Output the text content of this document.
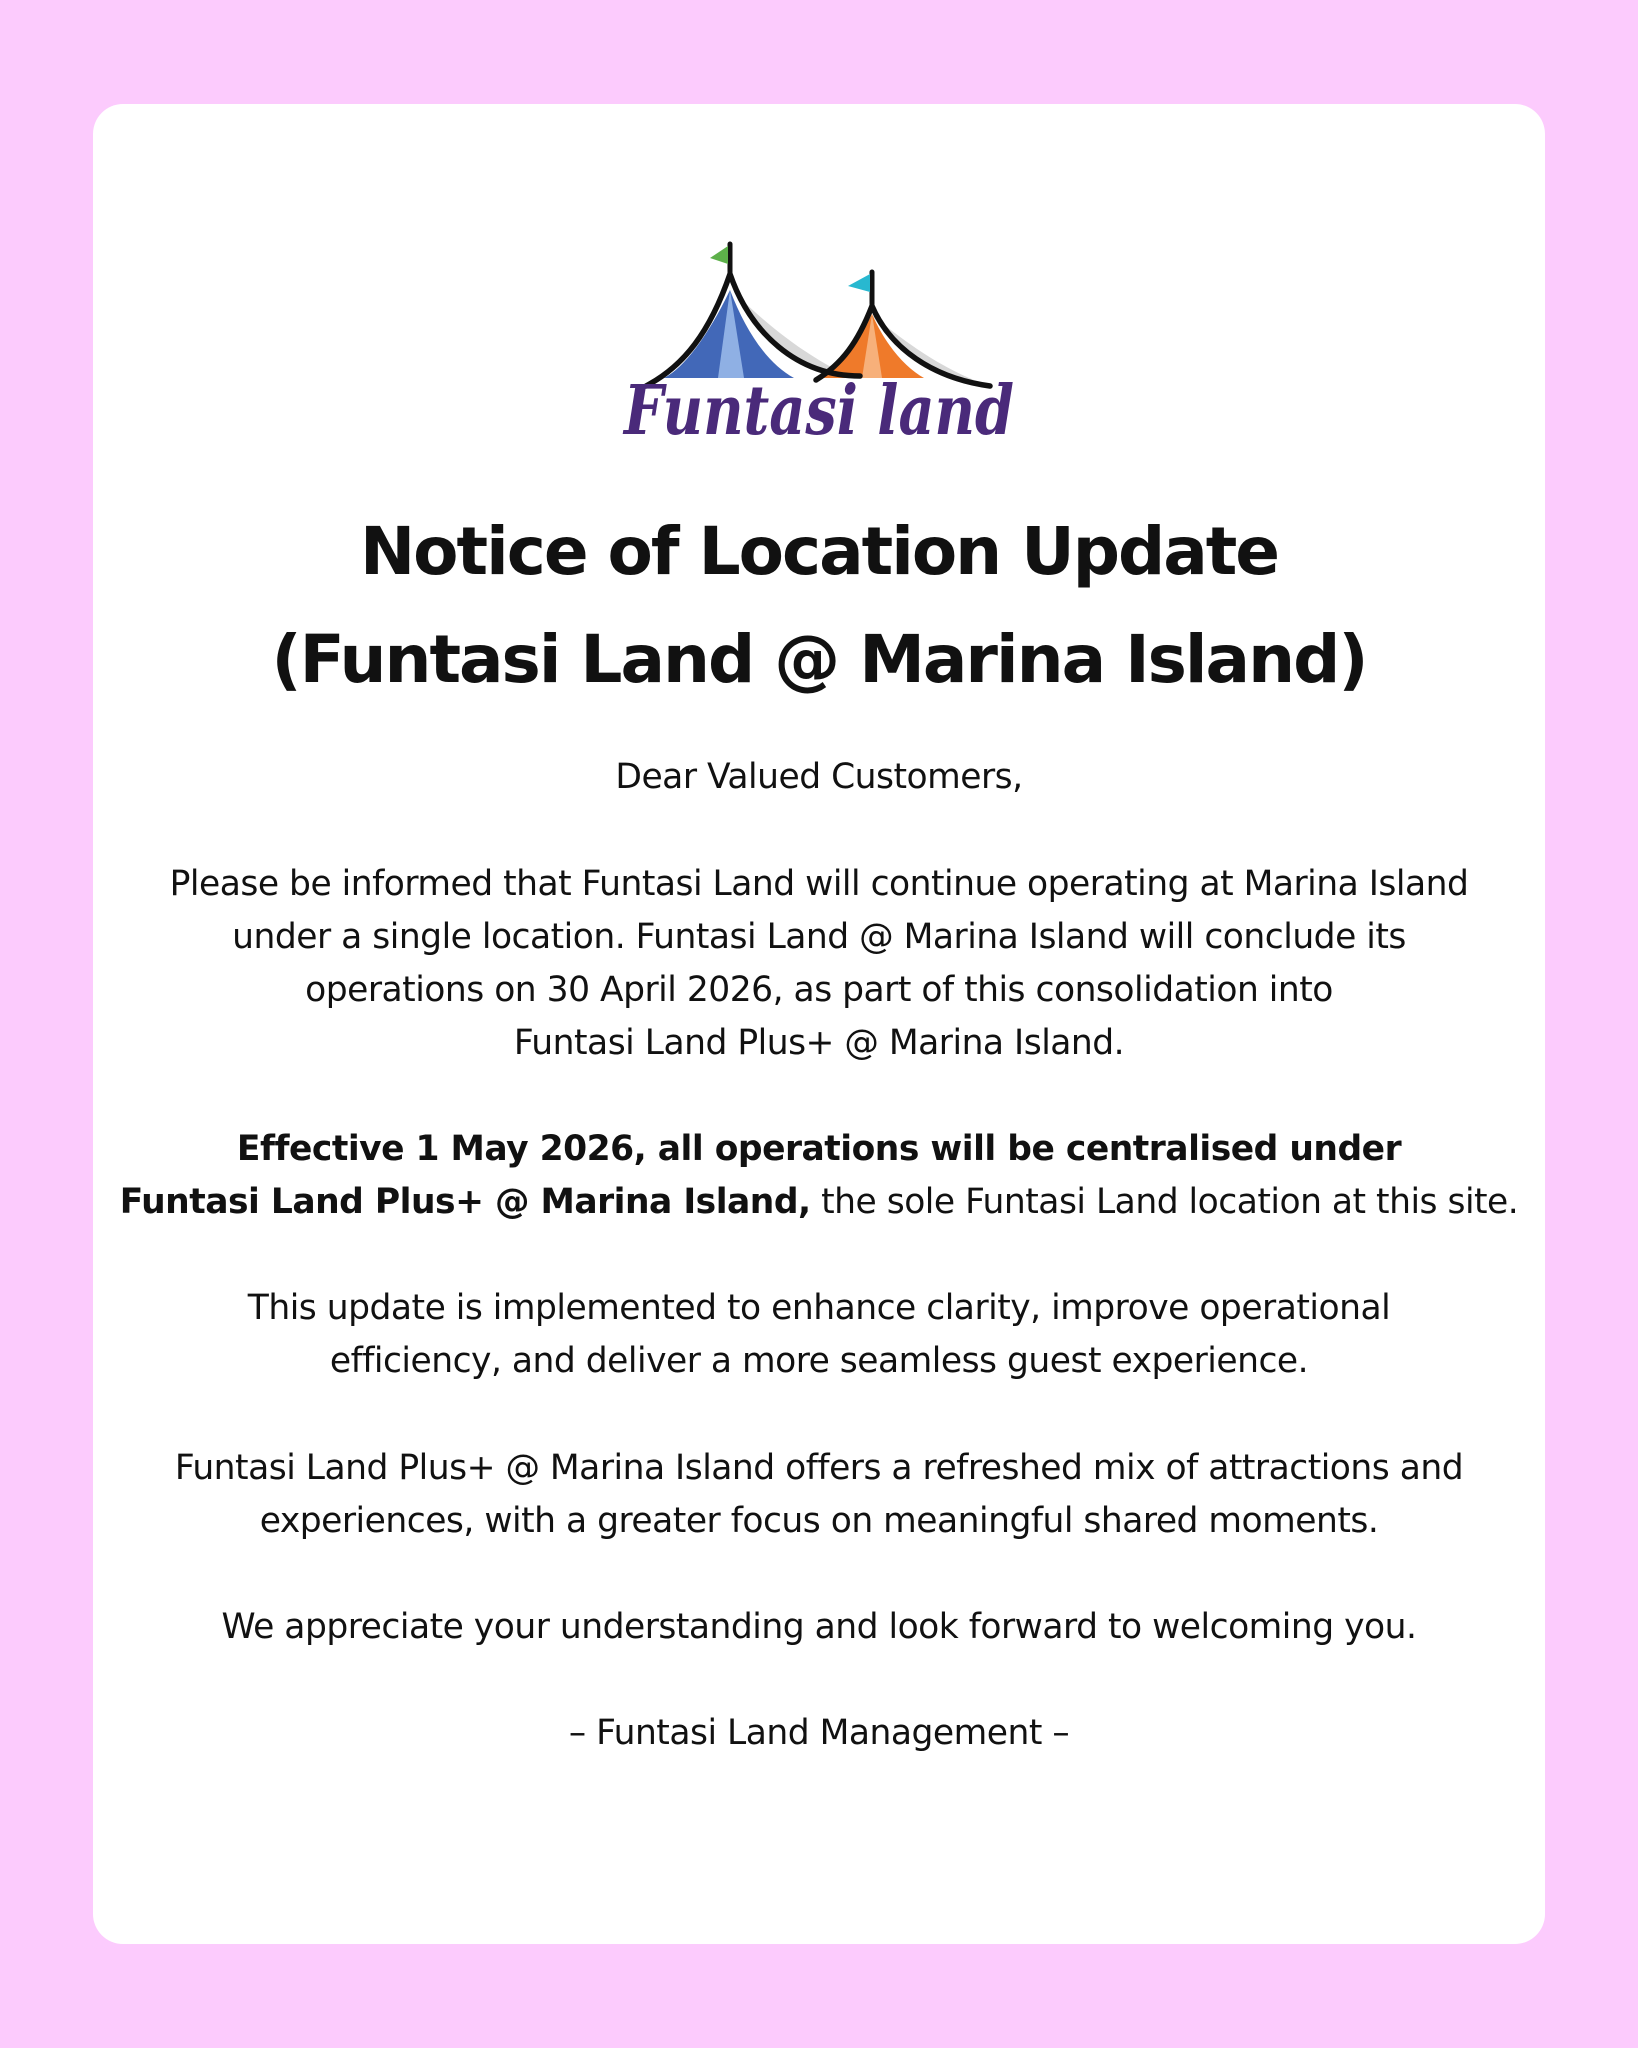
Funtasi land
Notice of Location Update
(Funtasi Land @ Marina Island)

Dear Valued Customers,

Please be informed that Funtasi Land will continue operating at Marina Island
under a single location. Funtasi Land @ Marina Island will conclude its
operations on 30 April 2026, as part of this consolidation into
Funtasi Land Plus+ @ Marina Island.

Effective 1 May 2026, all operations will be centralised under
Funtasi Land Plus+ @ Marina Island, the sole Funtasi Land location at this site.

This update is implemented to enhance clarity, improve operational
efficiency, and deliver a more seamless guest experience.

Funtasi Land Plus+ @ Marina Island offers a refreshed mix of attractions and
experiences, with a greater focus on meaningful shared moments.

We appreciate your understanding and look forward to welcoming you.

– Funtasi Land Management –
